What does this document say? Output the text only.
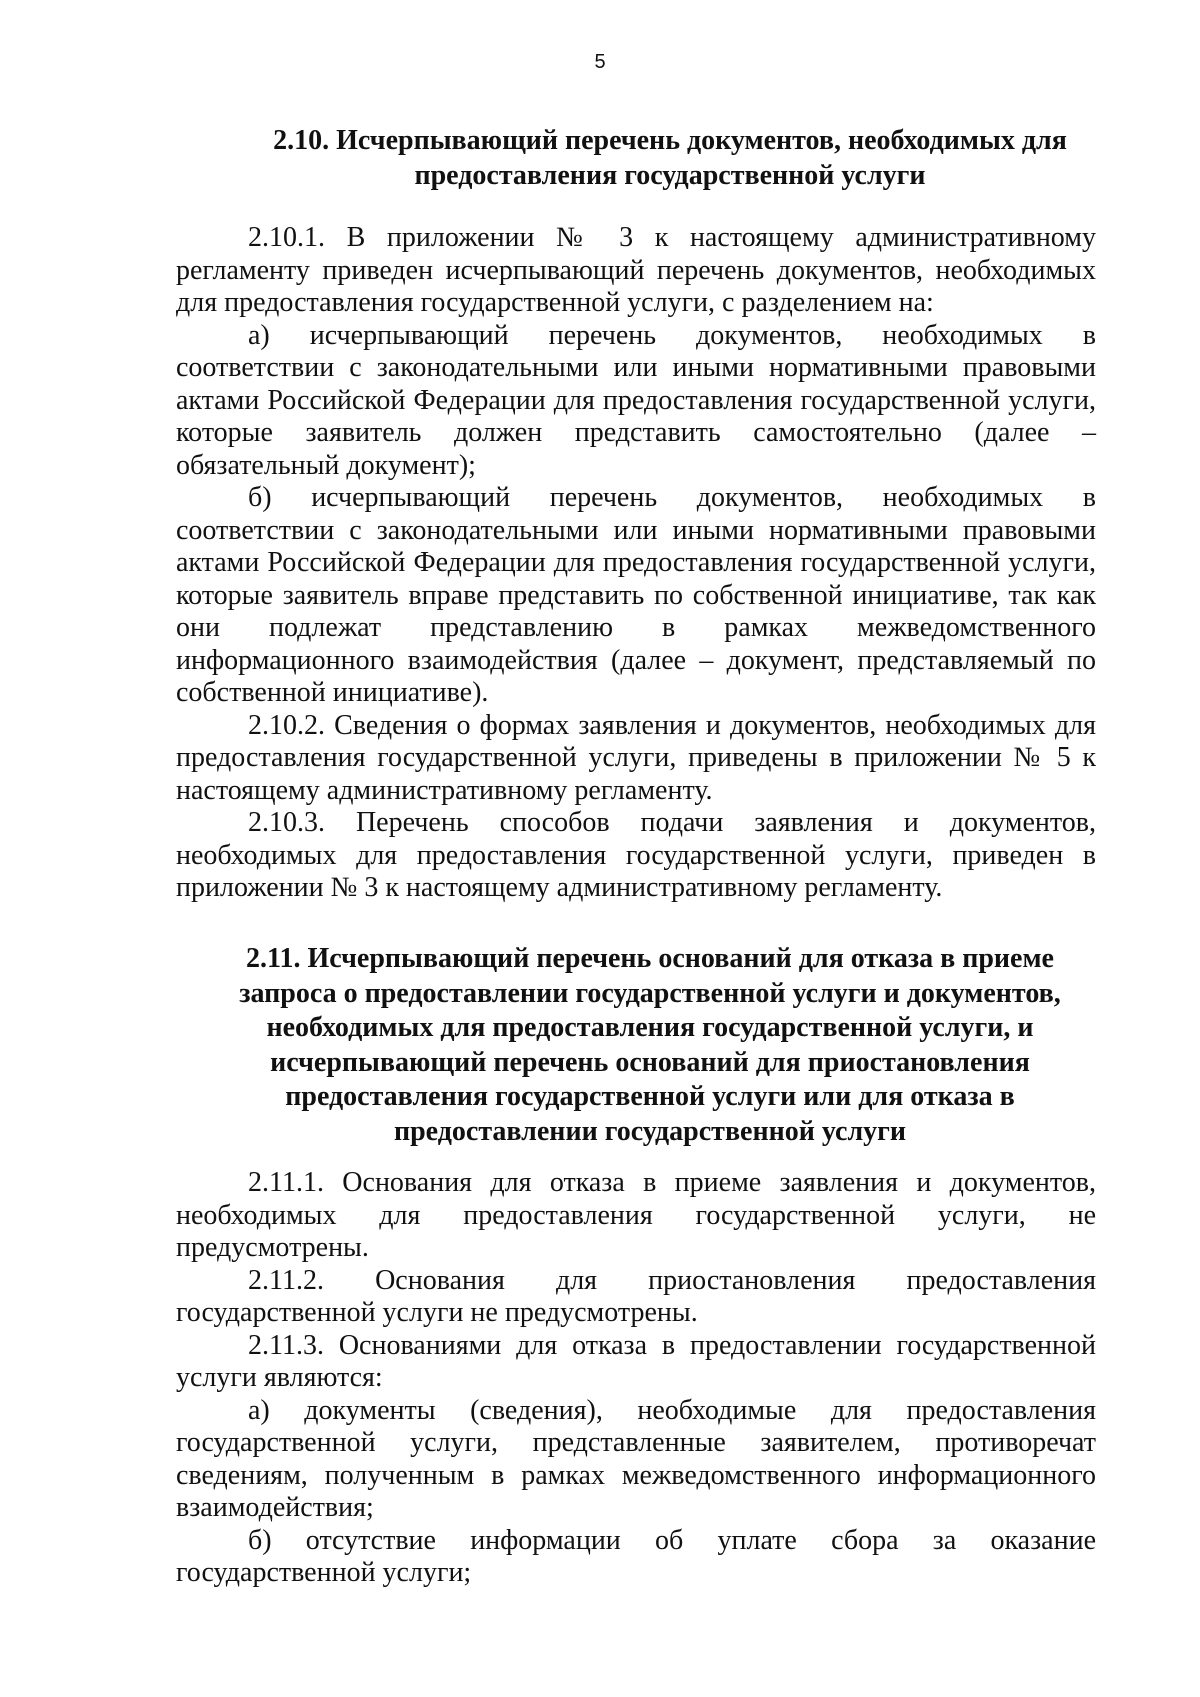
5
2.10. Исчерпывающий перечень документов, необходимых для предоставления государственной услуги

2.10.1. В приложении № 3 к настоящему административному регламенту приведен исчерпывающий перечень документов, необходимых для предоставления государственной услуги, с разделением на:

а) исчерпывающий перечень документов, необходимых в соответствии с законодательными или иными нормативными правовыми актами Российской Федерации для предоставления государственной услуги, которые заявитель должен представить самостоятельно (далее – обязательный документ);

б) исчерпывающий перечень документов, необходимых в соответствии с законодательными или иными нормативными правовыми актами Российской Федерации для предоставления государственной услуги, которые заявитель вправе представить по собственной инициативе, так как они подлежат представлению в рамках межведомственного информационного взаимодействия (далее – документ, представляемый по собственной инициативе).

2.10.2. Сведения о формах заявления и документов, необходимых для предоставления государственной услуги, приведены в приложении № 5 к настоящему административному регламенту.

2.10.3. Перечень способов подачи заявления и документов, необходимых для предоставления государственной услуги, приведен в приложении № 3 к настоящему административному регламенту.

2.11. Исчерпывающий перечень оснований для отказа в приеме запроса о предоставлении государственной услуги и документов, необходимых для предоставления государственной услуги, и исчерпывающий перечень оснований для приостановления предоставления государственной услуги или для отказа в предоставлении государственной услуги

2.11.1. Основания для отказа в приеме заявления и документов, необходимых для предоставления государственной услуги, не предусмотрены.

2.11.2. Основания для приостановления предоставления государственной услуги не предусмотрены.

2.11.3. Основаниями для отказа в предоставлении государственной услуги являются:

а) документы (сведения), необходимые для предоставления государственной услуги, представленные заявителем, противоречат сведениям, полученным в рамках межведомственного информационного взаимодействия;

б) отсутствие информации об уплате сбора за оказание государственной услуги;
